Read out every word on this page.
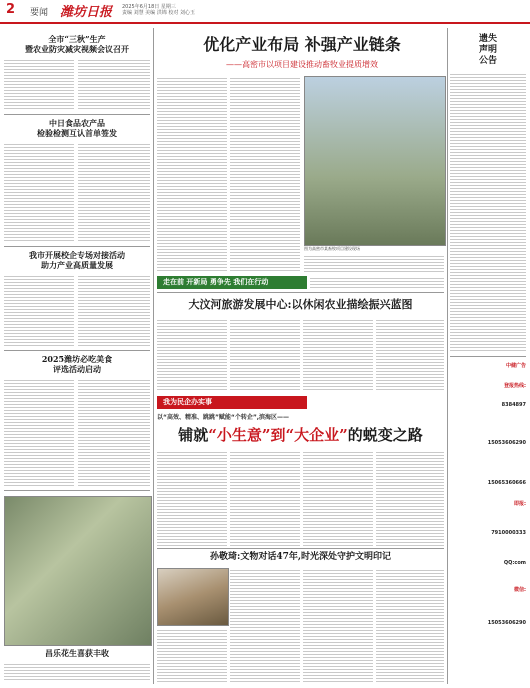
2 要闻 潍坊日报 2025年6月18日 星期三
责编 刘慧 美编 洪锦 校对 刘心玉
全市“三秋”生产
暨农业防灾减灾视频会议召开
中日食品农产品
检验检测互认首单签发
我市开展校企专场对接活动
助力产业高质量发展
2025潍坊必吃美食
评选活动启动
昌乐花生喜获丰收
优化产业布局 补强产业链条
——高密市以项目建设推动畜牧业提质增效
图为高密市某畜牧项目建设现场
走在前 开新局 勇争先 我们在行动
大汶河旅游发展中心:以休闲农业描绘振兴蓝图
我为民企办实事
以“高效、精准、跳跳”赋能“个转企”,滨海区——
铺就“小生意”到“大企业”的蜕变之路
孙敬琦:文物对话47年,时光深处守护文明印记
遗失
声明
公告
中健广告
登报热线:
8384897
15053606290
15065360666
即报:
7910000333
QQ:com
微信:
15053606290
